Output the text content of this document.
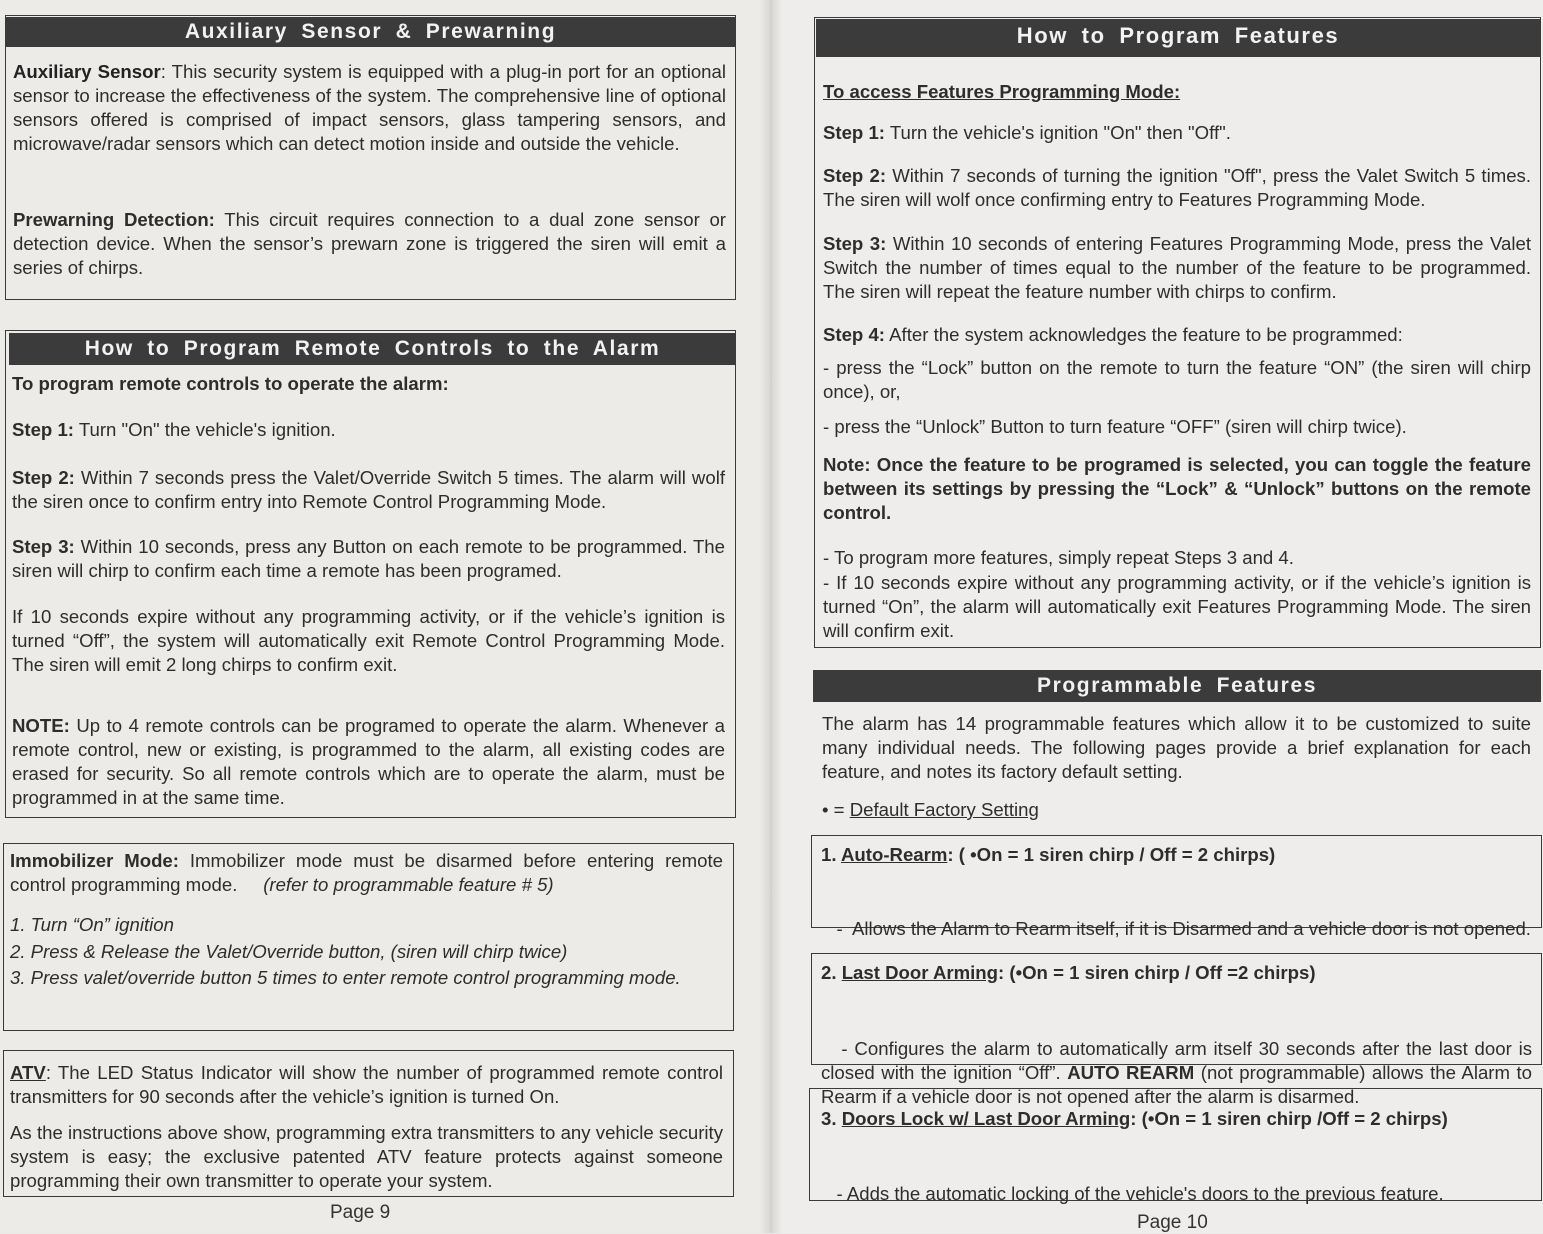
Auxiliary Sensor & Prewarning

Auxiliary Sensor: This security system is equipped with a plug-in port for an optional sensor to increase the effectiveness of the system. The comprehensive line of optional sensors offered is comprised of impact sensors, glass tampering sensors, and microwave/radar sensors which can detect motion inside and outside the vehicle.

Prewarning Detection: This circuit requires connection to a dual zone sensor or detection device. When the sensor’s prewarn zone is triggered the siren will emit a series of chirps.

How to Program Remote Controls to the Alarm

To program remote controls to operate the alarm:

Step 1: Turn "On" the vehicle's ignition.

Step 2: Within 7 seconds press the Valet/Override Switch 5 times. The alarm will wolf the siren once to confirm entry into Remote Control Programming Mode.

Step 3: Within 10 seconds, press any Button on each remote to be programmed. The siren will chirp to confirm each time a remote has been programed.

If 10 seconds expire without any programming activity, or if the vehicle’s ignition is turned “Off”, the system will automatically exit Remote Control Programming Mode. The siren will emit 2 long chirps to confirm exit.

NOTE: Up to 4 remote controls can be programed to operate the alarm. Whenever a remote control, new or existing, is programmed to the alarm, all existing codes are erased for security. So all remote controls which are to operate the alarm, must be programmed in at the same time.

Immobilizer Mode: Immobilizer mode must be disarmed before entering remote control programming mode. (refer to programmable feature # 5)

1. Turn “On” ignition

2. Press & Release the Valet/Override button, (siren will chirp twice)

3. Press valet/override button 5 times to enter remote control programming mode.

ATV: The LED Status Indicator will show the number of programmed remote control transmitters for 90 seconds after the vehicle’s ignition is turned On.

As the instructions above show, programming extra transmitters to any vehicle security system is easy; the exclusive patented ATV feature protects against someone programming their own transmitter to operate your system.

Page 9
How to Program Features

To access Features Programming Mode:

Step 1: Turn the vehicle's ignition "On" then "Off".

Step 2: Within 7 seconds of turning the ignition "Off", press the Valet Switch 5 times. The siren will wolf once confirming entry to Features Programming Mode.

Step 3: Within 10 seconds of entering Features Programming Mode, press the Valet Switch the number of times equal to the number of the feature to be programmed. The siren will repeat the feature number with chirps to confirm.

Step 4: After the system acknowledges the feature to be programmed:

- press the “Lock” button on the remote to turn the feature “ON” (the siren will chirp once), or,

- press the “Unlock” Button to turn feature “OFF” (siren will chirp twice).

Note: Once the feature to be programed is selected, you can toggle the feature between its settings by pressing the “Lock” & “Unlock” buttons on the remote control.

- To program more features, simply repeat Steps 3 and 4.

- If 10 seconds expire without any programming activity, or if the vehicle’s ignition is turned “On”, the alarm will automatically exit Features Programming Mode. The siren will confirm exit.

Programmable Features

The alarm has 14 programmable features which allow it to be customized to suite many individual needs. The following pages provide a brief explanation for each feature, and notes its factory default setting.

• = Default Factory Setting

1. Auto-Rearm: ( •On = 1 siren chirp / Off = 2 chirps)

-  Allows the Alarm to Rearm itself, if it is Disarmed and a vehicle door is not opened.

2. Last Door Arming: (•On = 1 siren chirp / Off =2 chirps)

- Configures the alarm to automatically arm itself 30 seconds after the last door is closed with the ignition “Off”. AUTO REARM (not programmable) allows the Alarm to Rearm if a vehicle door is not opened after the alarm is disarmed.

3. Doors Lock w/ Last Door Arming: (•On = 1 siren chirp /Off = 2 chirps)

- Adds the automatic locking of the vehicle's doors to the previous feature.

Page 10
